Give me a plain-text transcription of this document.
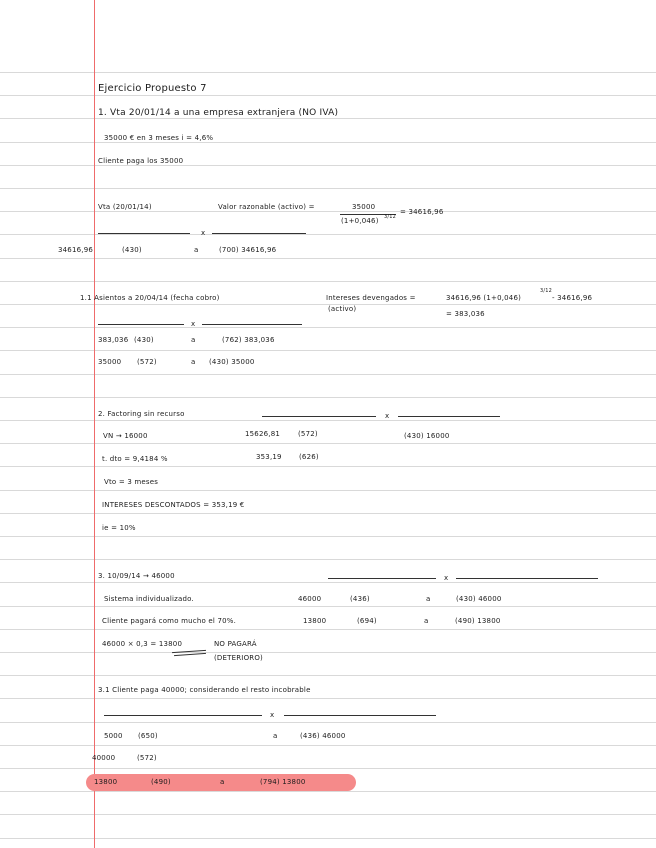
Ejercicio Propuesto 7
1. Vta 20/01/14 a una empresa extranjera (NO IVA)
35000 € en 3 meses i = 4,6%
Cliente paga los 35000
Vta (20/01/14)	Valor razonable (activo) =	35000
(1+0,046) 3/12
= 34616,96
x
34616,96	(430)	a	(700) 34616,96
1.1 Asientos a 20/04/14 (fecha cobro)	Intereses devengados =
(activo)
34616,96 (1+0,046)
3/12
- 34616,96
= 383,036
x
383,036 (430)	a	(762) 383,036
35000 (572)	a (430) 35000
2. Factoring sin recurso	x
VN → 16000	15626,81	(572)	(430) 16000
t. dto = 9,4184 %	353,19 (626)
Vto = 3 meses
INTERESES DESCONTADOS = 353,19 €
ie = 10%
3. 10/09/14 → 46000	x
Sistema individualizado.	46000	(436)	a	(430) 46000
Cliente pagará como mucho el 70%.	13800	(694)	a	(490) 13800
46000 × 0,3 = 13800	NO PAGARÁ
(DETERIORO)
3.1 Cliente paga 40000; considerando el resto incobrable
x
5000 (650)	a	(436) 46000
40000	(572)
13800	(490)	a	(794) 13800
